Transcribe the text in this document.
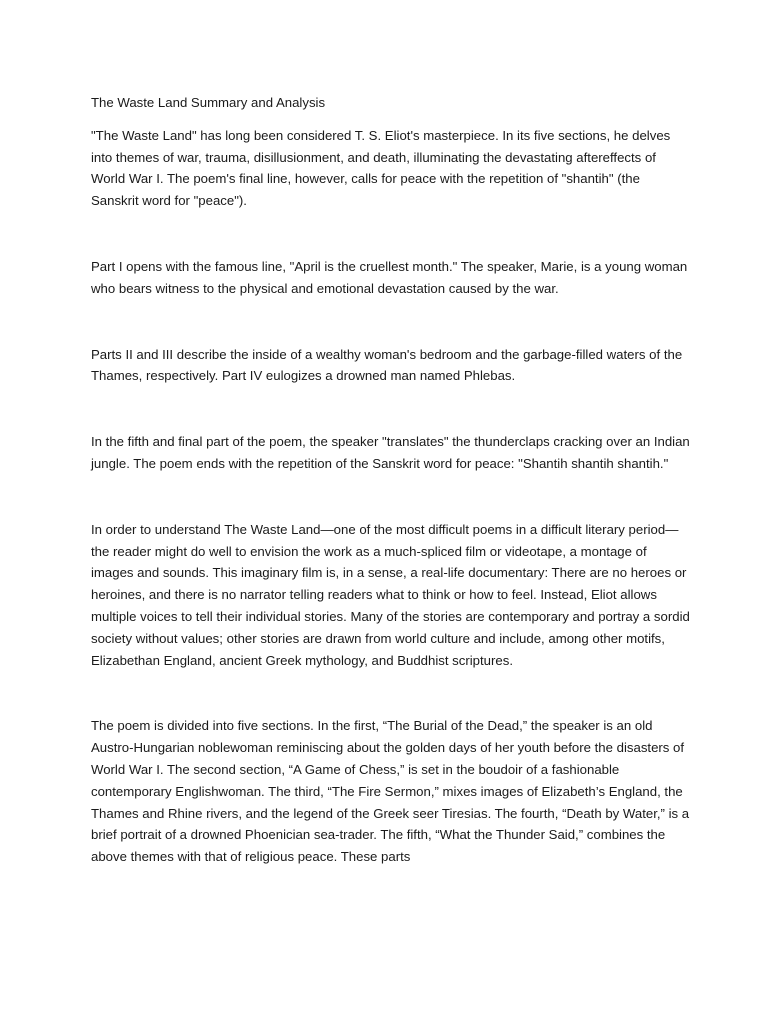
The Waste Land Summary and Analysis

"The Waste Land" has long been considered T. S. Eliot's masterpiece. In its five sections, he delves into themes of war, trauma, disillusionment, and death, illuminating the devastating aftereffects of World War I. The poem's final line, however, calls for peace with the repetition of "shantih" (the Sanskrit word for "peace").

Part I opens with the famous line, "April is the cruellest month." The speaker, Marie, is a young woman who bears witness to the physical and emotional devastation caused by the war.

Parts II and III describe the inside of a wealthy woman's bedroom and the garbage-filled waters of the Thames, respectively. Part IV eulogizes a drowned man named Phlebas.

In the fifth and final part of the poem, the speaker "translates" the thunderclaps cracking over an Indian jungle. The poem ends with the repetition of the Sanskrit word for peace: "Shantih shantih shantih."

In order to understand The Waste Land—one of the most difficult poems in a difficult literary period—the reader might do well to envision the work as a much-spliced film or videotape, a montage of images and sounds. This imaginary film is, in a sense, a real-life documentary: There are no heroes or heroines, and there is no narrator telling readers what to think or how to feel. Instead, Eliot allows multiple voices to tell their individual stories. Many of the stories are contemporary and portray a sordid society without values; other stories are drawn from world culture and include, among other motifs, Elizabethan England, ancient Greek mythology, and Buddhist scriptures.

The poem is divided into five sections. In the first, “The Burial of the Dead,” the speaker is an old Austro-Hungarian noblewoman reminiscing about the golden days of her youth before the disasters of World War I. The second section, “A Game of Chess,” is set in the boudoir of a fashionable contemporary Englishwoman. The third, “The Fire Sermon,” mixes images of Elizabeth’s England, the Thames and Rhine rivers, and the legend of the Greek seer Tiresias. The fourth, “Death by Water,” is a brief portrait of a drowned Phoenician sea-trader. The fifth, “What the Thunder Said,” combines the above themes with that of religious peace. These parts
